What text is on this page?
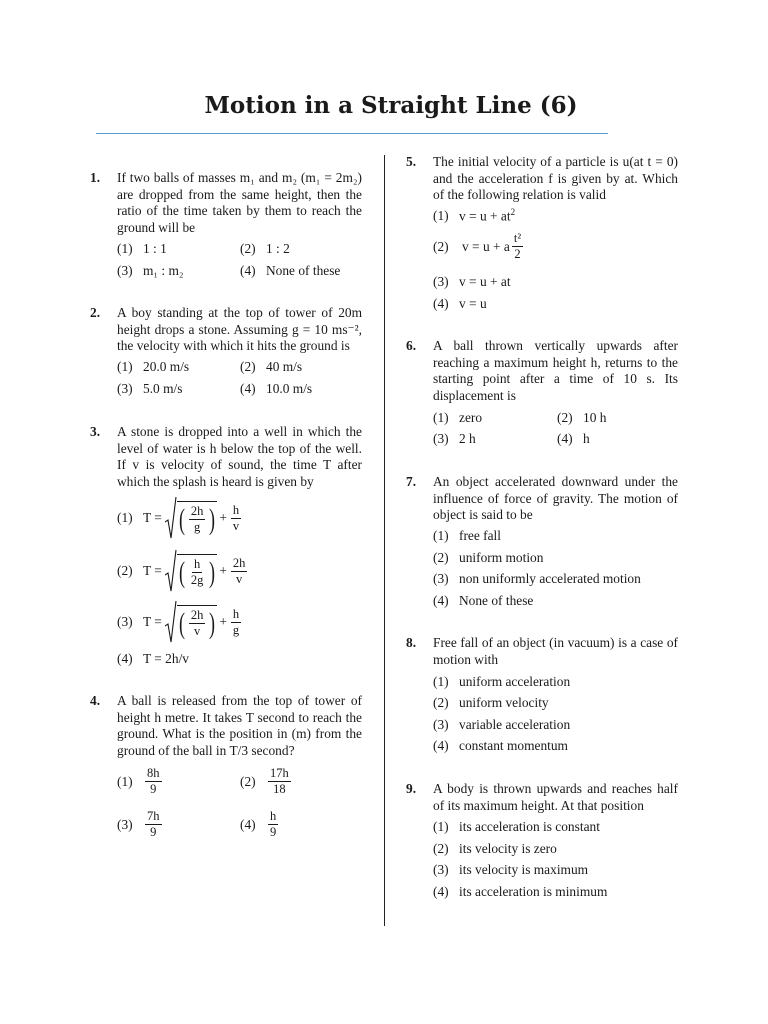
Motion in a Straight Line (6)
1. If two balls of masses m₁ and m₂ (m₁ = 2m₂) are dropped from the same height, then the ratio of the time taken by them to reach the ground will be
(1) 1 : 1	(2) 1 : 2
(3) m₁ : m₂	(4) None of these
2. A boy standing at the top of tower of 20m height drops a stone. Assuming g = 10 ms⁻², the velocity with which it hits the ground is
(1) 20.0 m/s	(2) 40 m/s
(3) 5.0 m/s	(4) 10.0 m/s
3. A stone is dropped into a well in which the level of water is h below the top of the well. If v is velocity of sound, the time T after which the splash is heard is given by
(1) T = ( $\frac{2h}{g}$ ) + $\frac{h}{v}$
(2) T = ( $\frac{h}{2g}$ ) + $\frac{2h}{v}$
(3) T = ( $\frac{2h}{v}$ ) + $\frac{h}{g}$
(4) T = 2h/v
4. A ball is released from the top of tower of height h metre. It takes T second to reach the ground. What is the position in (m) from the ground of the ball in T/3 second?
$(1) \frac{8h}{9}$	$(2) \frac{17h}{18}$
$(3) \frac{7h}{9}$	$(4) \frac{h}{9}$
5. The initial velocity of a particle is u(at t = 0) and the acceleration f is given by at. Which of the following relation is valid
(1) $v = u + at^2$
(2) v = u + a $\frac{\text{t²}}{2}$
(3) v = u + at
(4) v = u
6. A ball thrown vertically upwards after reaching a maximum height h, returns to the starting point after a time of 10 s. Its displacement is
(1) zero	(2) 10 h
(3) 2 h	(4) h
7. An object accelerated downward under the influence of force of gravity. The motion of object is said to be
(1) free fall
(2) uniform motion
(3) non uniformly accelerated motion
(4) None of these
8. Free fall of an object (in vacuum) is a case of motion with
(1) uniform acceleration
(2) uniform velocity
(3) variable acceleration
(4) constant momentum
9. A body is thrown upwards and reaches half of its maximum height. At that position
(1) its acceleration is constant
(2) its velocity is zero
(3) its velocity is maximum
(4) its acceleration is minimum
